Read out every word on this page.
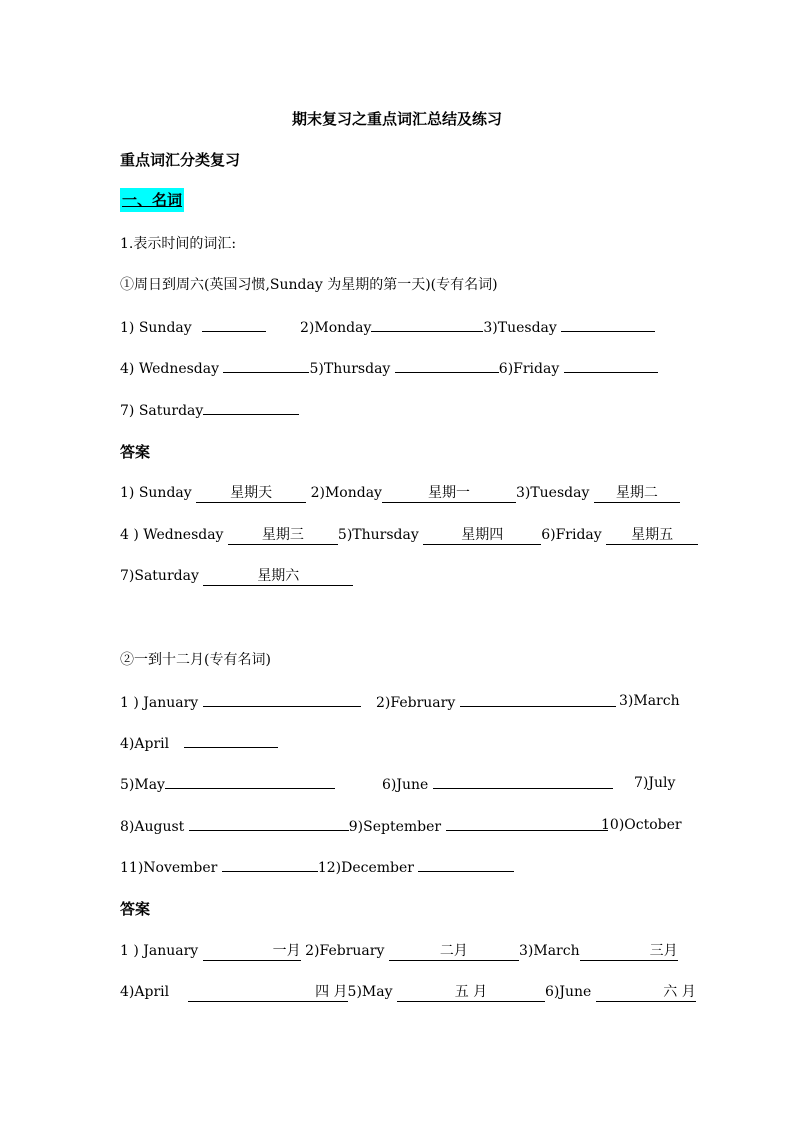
期末复习之重点词汇总结及练习
重点词汇分类复习
一、名词
1.表示时间的词汇:
①周日到周六(英国习惯,Sunday 为星期的第一天)(专有名词)
1) Sunday	2)Monday	3)Tuesday
4) Wednesday	5)Thursday	6)Friday
7) Saturday
答案
1) Sunday	星期天	2)Monday	星期一	3)Tuesday 星期二
4 ) Wednesday	星期三 5)Thursday	星期四	6)Friday 星期五
7)Saturday	星期六
②一到十二月(专有名词)
1 ) January	2)February	3)March
4)April
5)May	6)June	7)July
8)August	9)September	10)October
11)November	12)December
答案
1 ) January	一月 2)February	二月	3)March	三月
4)April	四 月5)May	五 月	6)June	六 月
